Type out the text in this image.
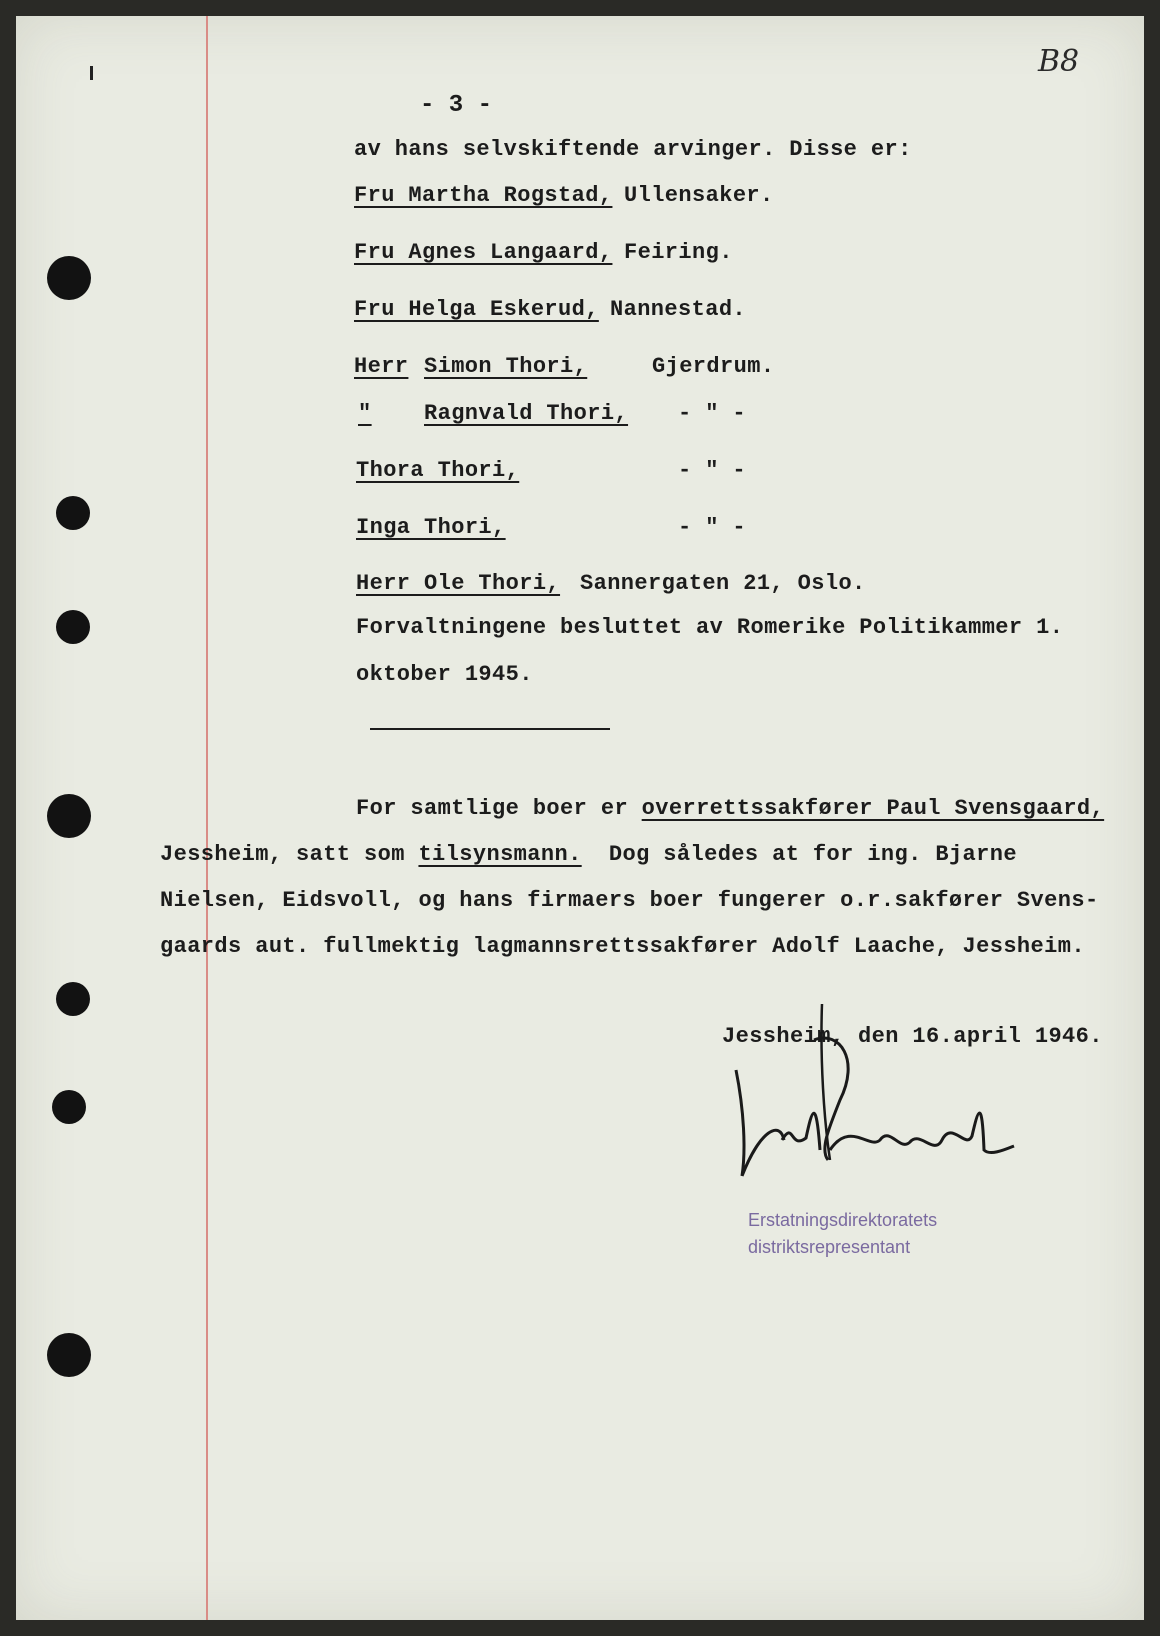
B8
- 3 -
av hans selvskiftende arvinger. Disse er:
Fru Martha Rogstad, Ullensaker.
Fru Agnes Langaard, Feiring.
Fru Helga Eskerud, Nannestad.
Herr Simon Thori,	Gjerdrum.
" Ragnvald Thori, - " -
Thora Thori,	- " -
Inga Thori,	- " -
Herr Ole Thori, Sannergaten 21, Oslo.
Forvaltningene besluttet av Romerike Politikammer 1.
oktober 1945.
For samtlige boer er overrettssakfører Paul Svensgaard,
Jessheim, satt som tilsynsmann.  Dog således at for ing. Bjarne
Nielsen, Eidsvoll, og hans firmaers boer fungerer o.r.sakfører Svens-
gaards aut. fullmektig lagmannsrettssakfører Adolf Laache, Jessheim.
Jessheim, den 16.april 1946.
Erstatningsdirektoratets
distriktsrepresentant
